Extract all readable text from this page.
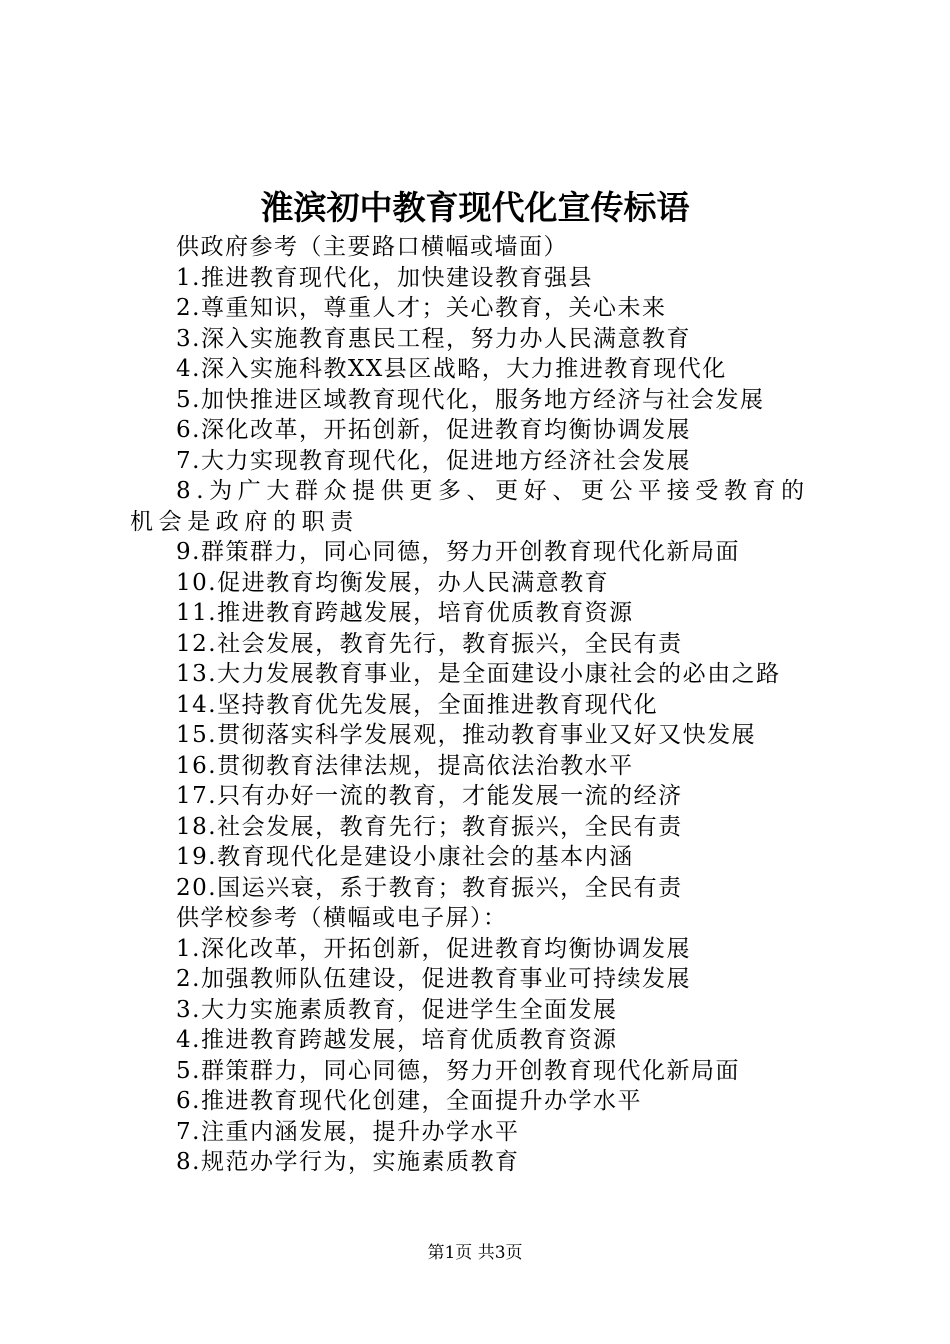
淮滨初中教育现代化宣传标语

供政府参考（主要路口横幅或墙面）

1.推进教育现代化，加快建设教育强县

2.尊重知识，尊重人才；关心教育，关心未来

3.深入实施教育惠民工程，努力办人民满意教育

4.深入实施科教XX县区战略，大力推进教育现代化

5.加快推进区域教育现代化，服务地方经济与社会发展

6.深化改革，开拓创新，促进教育均衡协调发展

7.大力实现教育现代化，促进地方经济社会发展

8.为广大群众提供更多、更好、更公平接受教育的机会是政府的职责

9.群策群力，同心同德，努力开创教育现代化新局面

10.促进教育均衡发展，办人民满意教育

11.推进教育跨越发展，培育优质教育资源

12.社会发展，教育先行，教育振兴，全民有责

13.大力发展教育事业，是全面建设小康社会的必由之路

14.坚持教育优先发展，全面推进教育现代化

15.贯彻落实科学发展观，推动教育事业又好又快发展

16.贯彻教育法律法规，提高依法治教水平

17.只有办好一流的教育，才能发展一流的经济

18.社会发展，教育先行；教育振兴，全民有责

19.教育现代化是建设小康社会的基本内涵

20.国运兴衰，系于教育；教育振兴，全民有责

供学校参考（横幅或电子屏）：

1.深化改革，开拓创新，促进教育均衡协调发展

2.加强教师队伍建设，促进教育事业可持续发展

3.大力实施素质教育，促进学生全面发展

4.推进教育跨越发展，培育优质教育资源

5.群策群力，同心同德，努力开创教育现代化新局面

6.推进教育现代化创建，全面提升办学水平

7.注重内涵发展，提升办学水平

8.规范办学行为，实施素质教育

第1页 共3页
